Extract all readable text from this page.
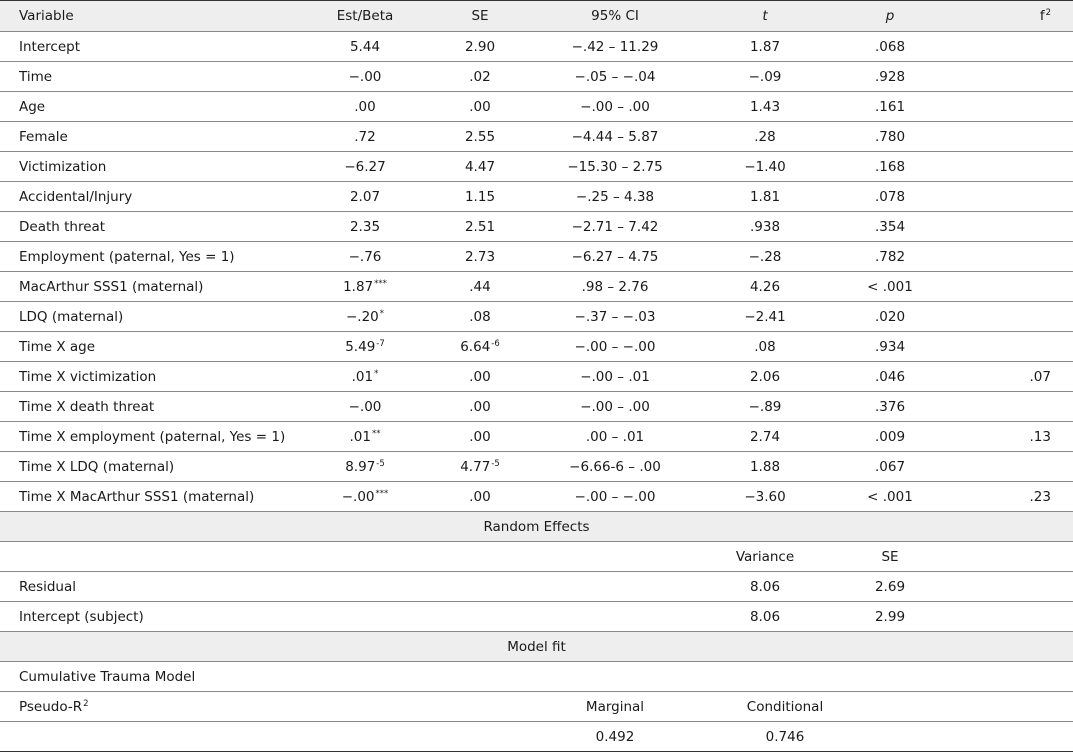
Variable	Est/Beta	SE	95% CI	t	p	$f^2$
Intercept	5.44	2.90	−.42 – 11.29	1.87	.068	
Time	−.00	.02	−.05 – −.04	−.09	.928	
Age	.00	.00	−.00 – .00	1.43	.161	
Female	.72	2.55	−4.44 – 5.87	.28	.780	
Victimization	−6.27	4.47	−15.30 – 2.75	−1.40	.168	
Accidental/Injury	2.07	1.15	−.25 – 4.38	1.81	.078	
Death threat	2.35	2.51	−2.71 – 7.42	.938	.354	
Employment (paternal, Yes = 1)	−.76	2.73	−6.27 – 4.75	−.28	.782	
MacArthur SSS1 (maternal)	1.87***	.44	.98 – 2.76	4.26	< .001	
LDQ (maternal)	−.20*	.08	−.37 – −.03	−2.41	.020	
Time X age	$5.49^{-7}$	$6.64^{-6}$	−.00 – −.00	.08	.934	
Time X victimization	.01*	.00	−.00 – .01	2.06	.046	.07
Time X death threat	−.00	.00	−.00 – .00	−.89	.376	
Time X employment (paternal, Yes = 1)	.01**	.00	.00 – .01	2.74	.009	.13
Time X LDQ (maternal)	$8.97^{-5}$	$4.77^{-5}$	−6.66-6 – .00	1.88	.067	
Time X MacArthur SSS1 (maternal)	−.00***	.00	−.00 – −.00	−3.60	< .001	.23
Random Effects						
				Variance	SE	
Residual				8.06	2.69	
Intercept (subject)				8.06	2.99	
Model fit						
Cumulative Trauma Model						
Pseudo-$R^2$			Marginal	Conditional		
			0.492	0.746		
